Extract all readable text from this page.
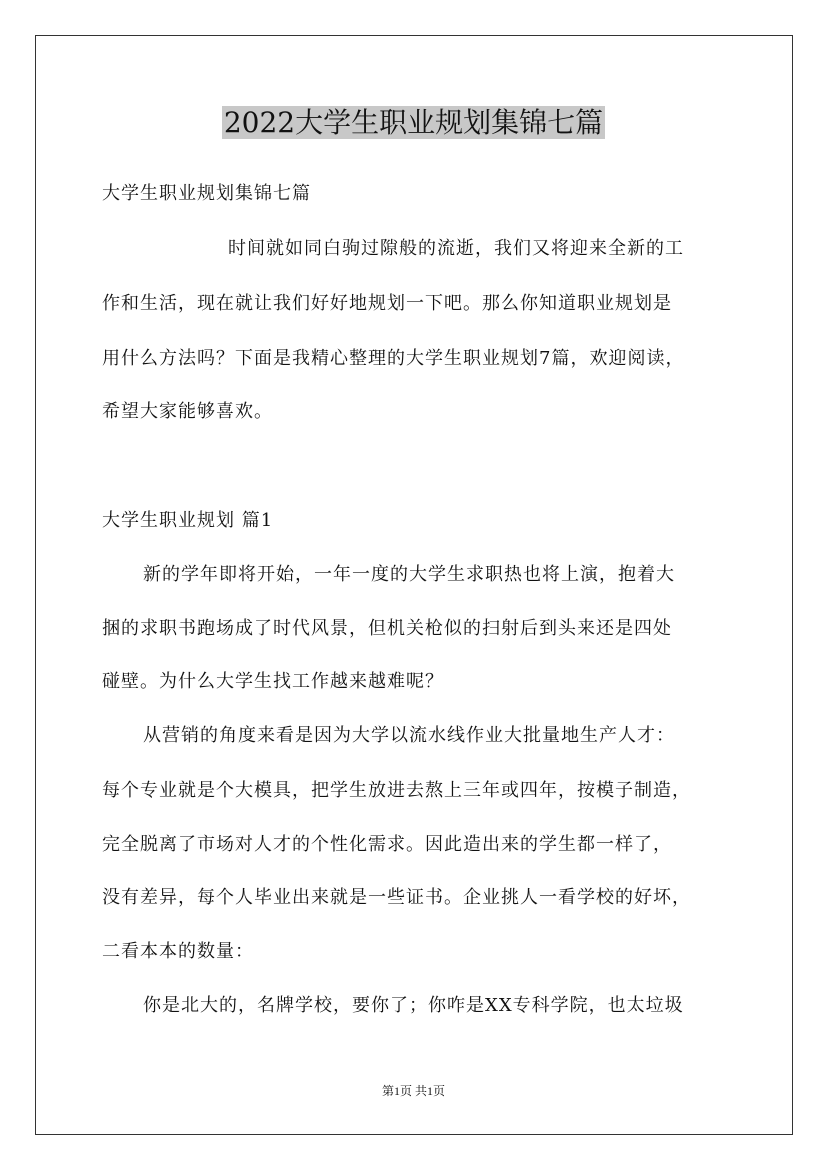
2022大学生职业规划集锦七篇
大学生职业规划集锦七篇
时间就如同白驹过隙般的流逝，我们又将迎来全新的工
作和生活，现在就让我们好好地规划一下吧。那么你知道职业规划是
用什么方法吗？下面是我精心整理的大学生职业规划7篇，欢迎阅读，
希望大家能够喜欢。
大学生职业规划 篇1
新的学年即将开始，一年一度的大学生求职热也将上演，抱着大
捆的求职书跑场成了时代风景，但机关枪似的扫射后到头来还是四处
碰壁。为什么大学生找工作越来越难呢？
从营销的角度来看是因为大学以流水线作业大批量地生产人才：
每个专业就是个大模具，把学生放进去熬上三年或四年，按模子制造，
完全脱离了市场对人才的个性化需求。因此造出来的学生都一样了，
没有差异，每个人毕业出来就是一些证书。企业挑人一看学校的好坏，
二看本本的数量：
你是北大的，名牌学校，要你了；你咋是XX专科学院，也太垃圾
第1页 共1页
